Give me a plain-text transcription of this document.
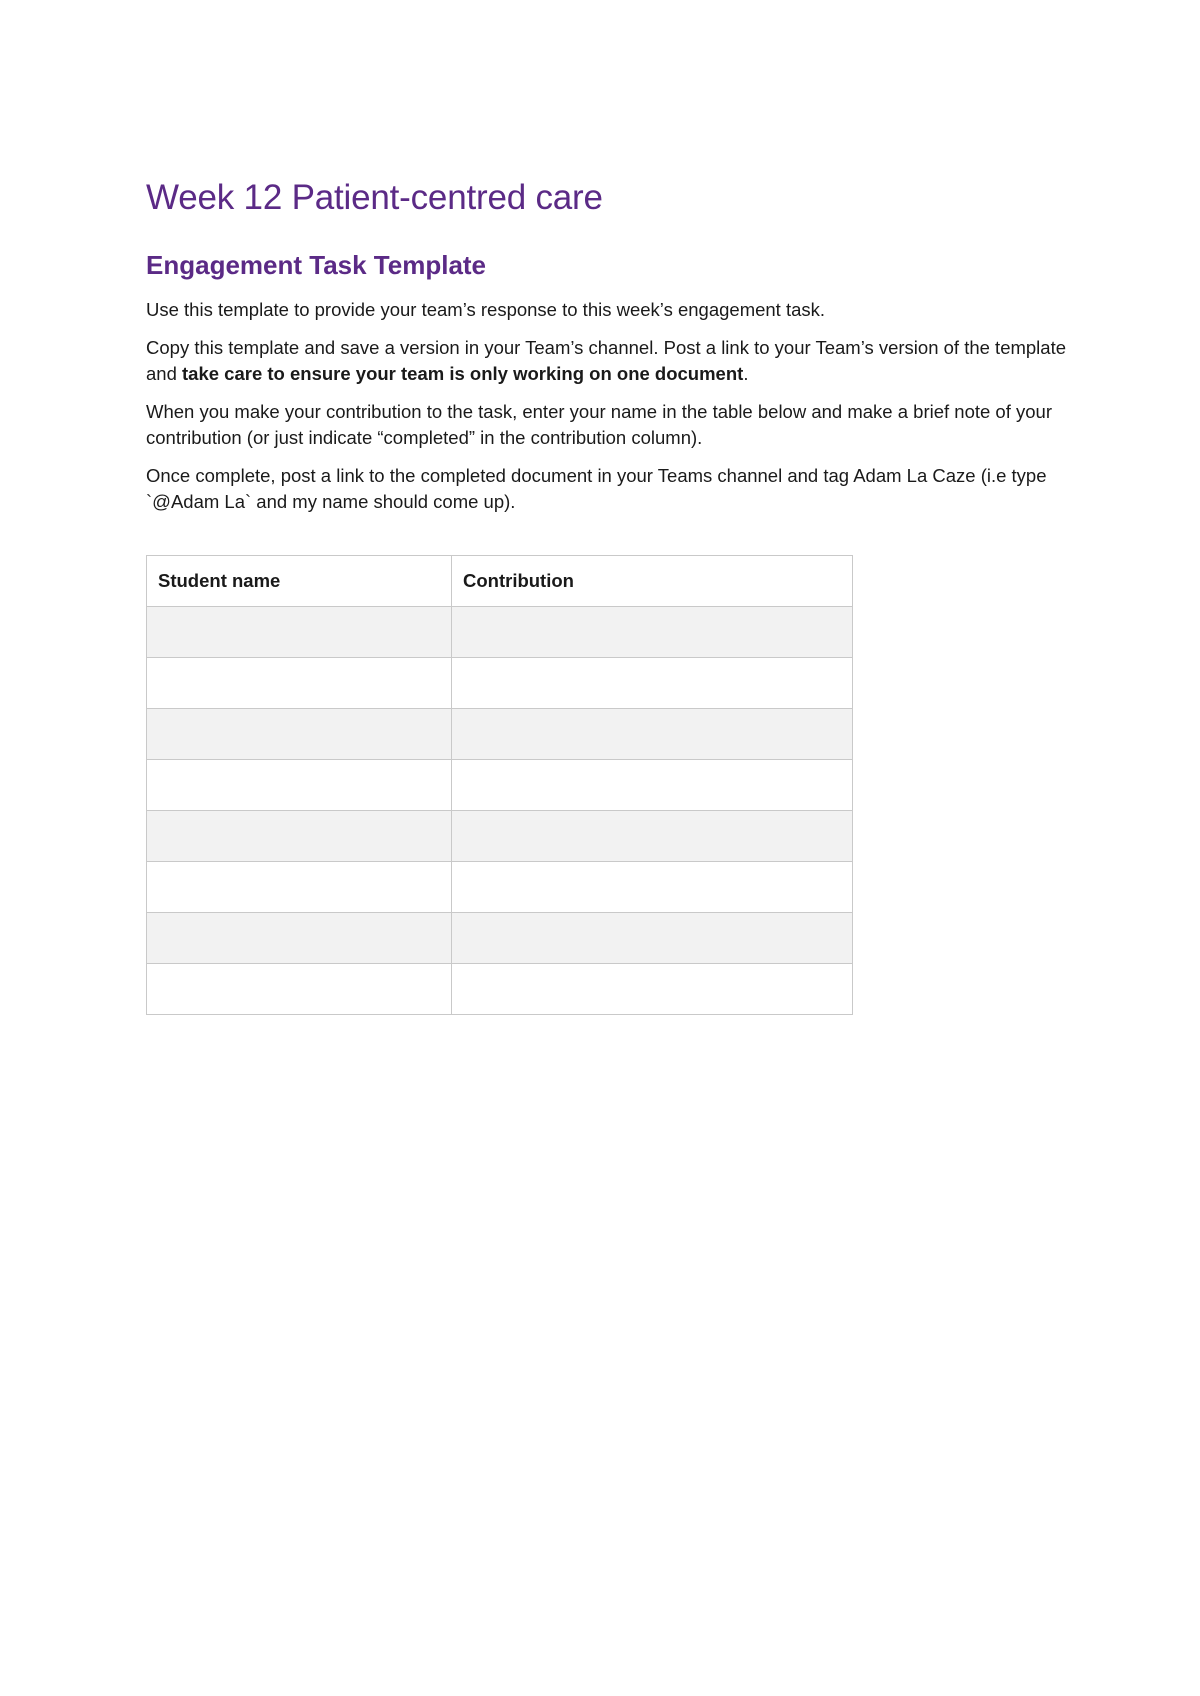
Week 12 Patient-centred care
Engagement Task Template

Use this template to provide your team’s response to this week’s engagement task.

Copy this template and save a version in your Team’s channel. Post a link to your Team’s version of the template and take care to ensure your team is only working on one document.

When you make your contribution to the task, enter your name in the table below and make a brief note of your contribution (or just indicate “completed” in the contribution column).

Once complete, post a link to the completed document in your Teams channel and tag Adam La Caze (i.e type `@Adam La` and my name should come up).

Student name	Contribution
